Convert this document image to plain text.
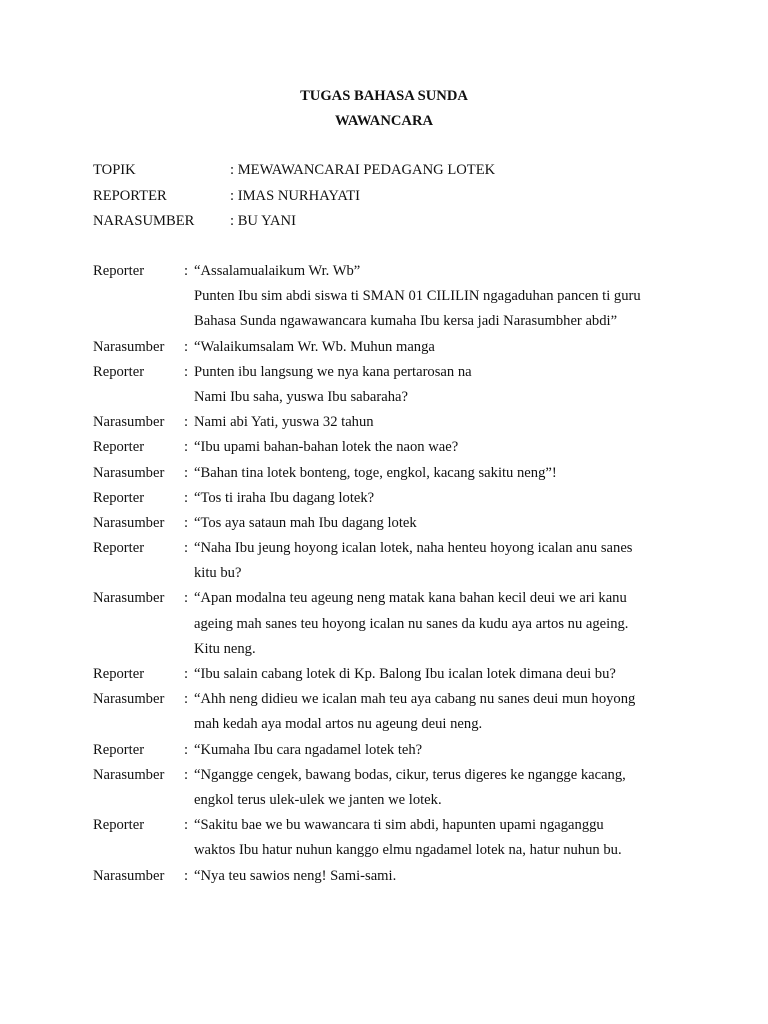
TUGAS BAHASA SUNDA
WAWANCARA
TOPIK	: MEWAWANCARAI PEDAGANG LOTEK
REPORTER	: IMAS NURHAYATI
NARASUMBER : BU YANI
Reporter	: “Assalamualaikum Wr. Wb”
Punten Ibu sim abdi siswa ti SMAN 01 CILILIN ngagaduhan pancen ti guru
Bahasa Sunda ngawawancara kumaha Ibu kersa jadi Narasumbher abdi”
Narasumber	: “Walaikumsalam Wr. Wb. Muhun manga
Reporter	: Punten ibu langsung we nya kana pertarosan na
Nami Ibu saha, yuswa Ibu sabaraha?
Narasumber	: Nami abi Yati, yuswa 32 tahun
Reporter	: “Ibu upami bahan-bahan lotek the naon wae?
Narasumber	: “Bahan tina lotek bonteng, toge, engkol, kacang sakitu neng”!
Reporter	: “Tos ti iraha Ibu dagang lotek?
Narasumber	: “Tos aya sataun mah Ibu dagang lotek
Reporter	: “Naha Ibu jeung hoyong icalan lotek, naha henteu hoyong icalan anu sanes
kitu bu?
Narasumber	: “Apan modalna teu ageung neng matak kana bahan kecil deui we ari kanu
ageing mah sanes teu hoyong icalan nu sanes da kudu aya artos nu ageing.
Kitu neng.
Reporter	: “Ibu salain cabang lotek di Kp. Balong Ibu icalan lotek dimana deui bu?
Narasumber	: “Ahh neng didieu we icalan mah teu aya cabang nu sanes deui mun hoyong
mah kedah aya modal artos nu ageung deui neng.
Reporter	: “Kumaha Ibu cara ngadamel lotek teh?
Narasumber	: “Ngangge cengek, bawang bodas, cikur, terus digeres ke ngangge kacang,
engkol terus ulek-ulek we janten we lotek.
Reporter	: “Sakitu bae we bu wawancara ti sim abdi, hapunten upami ngaganggu
waktos Ibu hatur nuhun kanggo elmu ngadamel lotek na, hatur nuhun bu.
Narasumber	: “Nya teu sawios neng! Sami-sami.
